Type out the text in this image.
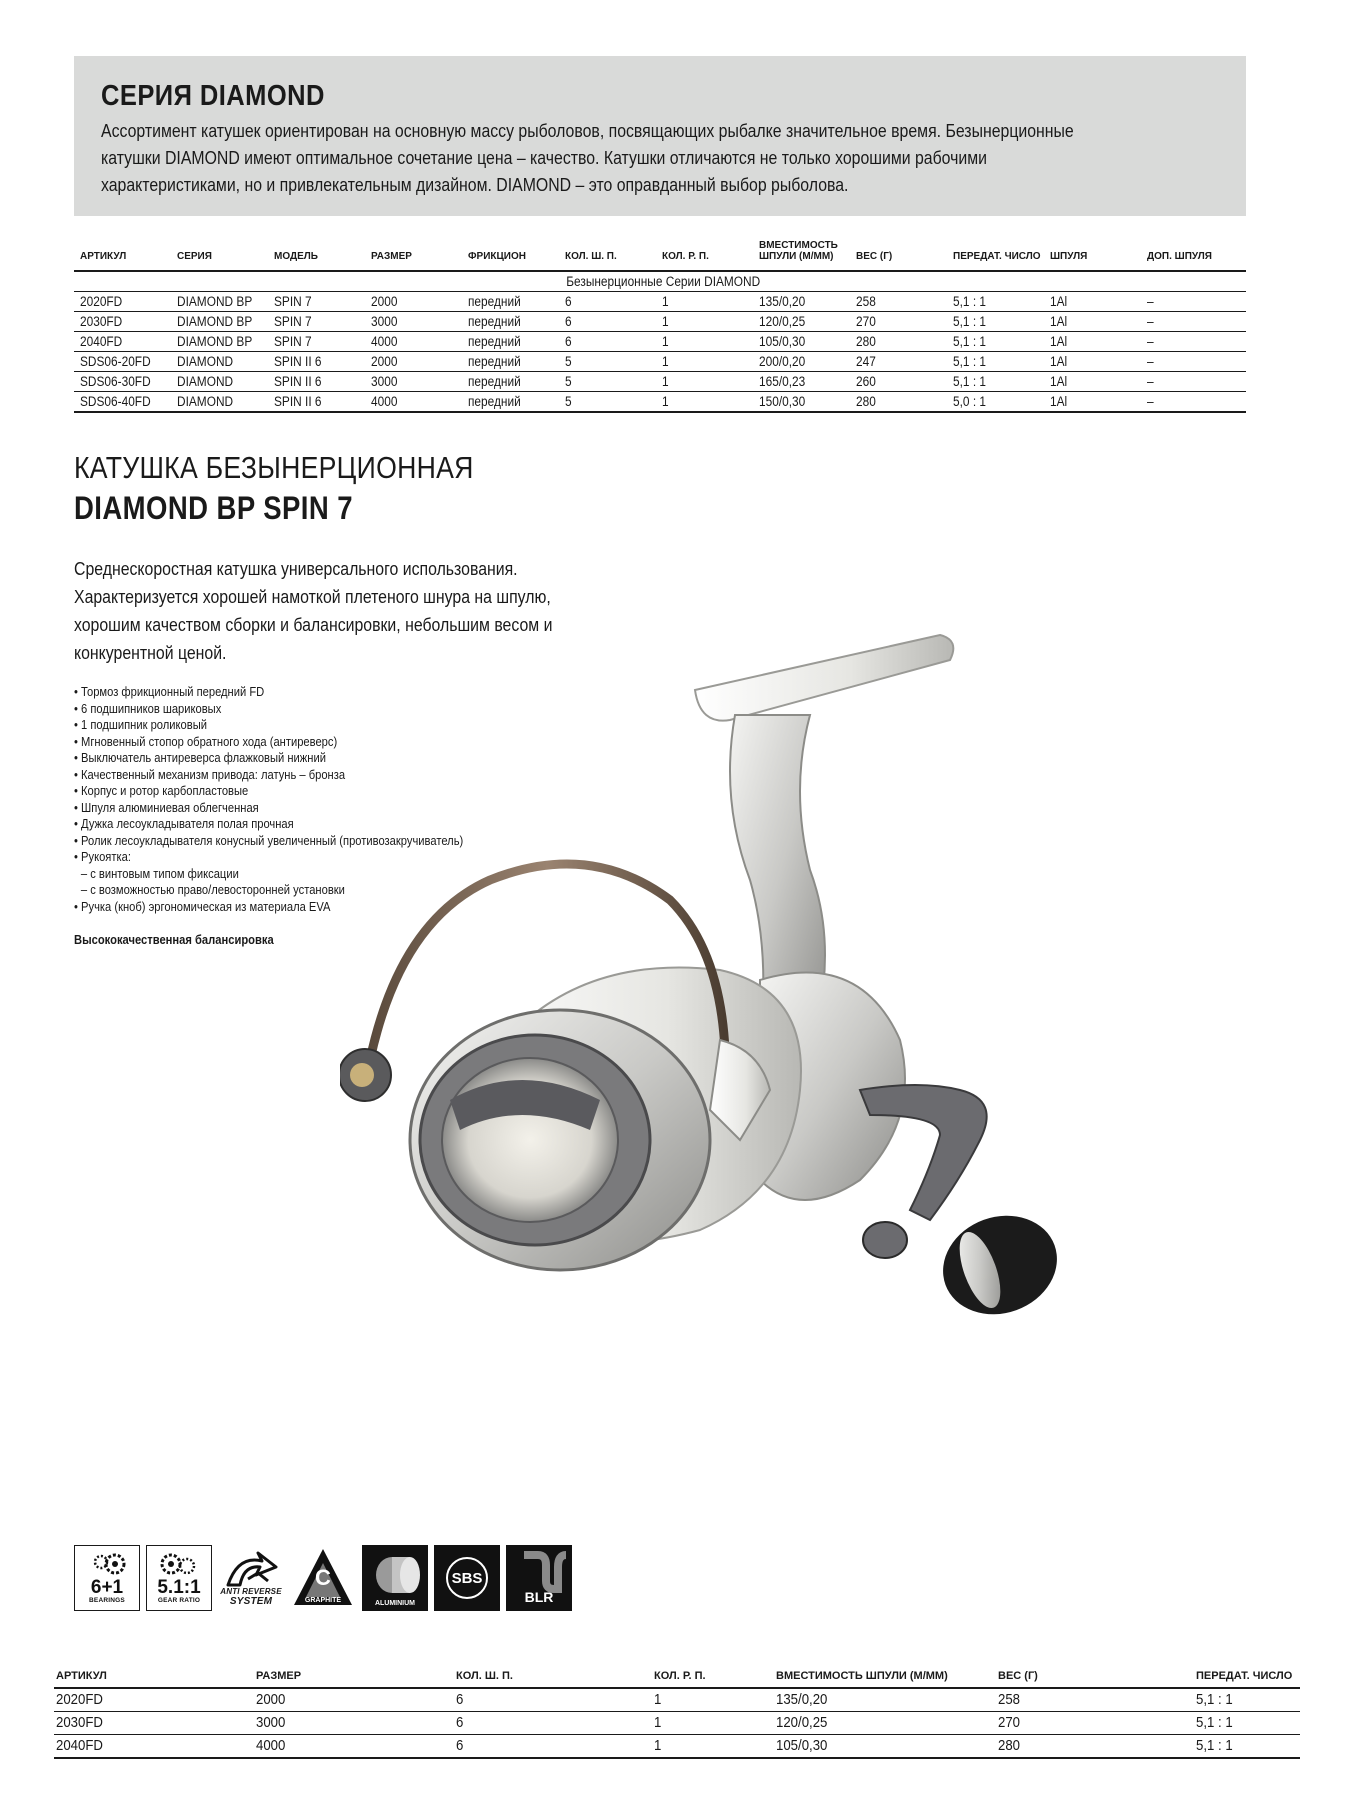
СЕРИЯ DIAMOND
Ассортимент катушек ориентирован на основную массу рыболовов, посвящающих рыбалке значительное время. Безынерционные катушки DIAMOND имеют оптимальное сочетание цена – качество. Катушки отличаются не только хорошими рабочими характеристиками, но и привлекательным дизайном. DIAMOND – это оправданный выбор рыболова.
АРТИКУЛ	СЕРИЯ	МОДЕЛЬ	РАЗМЕР	ФРИКЦИОН	КОЛ. Ш. П.	КОЛ. Р. П.	ВМЕСТИМОСТЬ ШПУЛИ (М/ММ)	ВЕС (Г)	ПЕРЕДАТ. ЧИСЛО	ШПУЛЯ	ДОП. ШПУЛЯ
Безынерционные Серии DIAMOND											
2020FD	DIAMOND BP	SPIN 7	2000	передний	6	1	135/0,20	258	5,1 : 1	1Al	–
2030FD	DIAMOND BP	SPIN 7	3000	передний	6	1	120/0,25	270	5,1 : 1	1Al	–
2040FD	DIAMOND BP	SPIN 7	4000	передний	6	1	105/0,30	280	5,1 : 1	1Al	–
SDS06-20FD	DIAMOND	SPIN II 6	2000	передний	5	1	200/0,20	247	5,1 : 1	1Al	–
SDS06-30FD	DIAMOND	SPIN II 6	3000	передний	5	1	165/0,23	260	5,1 : 1	1Al	–
SDS06-40FD	DIAMOND	SPIN II 6	4000	передний	5	1	150/0,30	280	5,0 : 1	1Al	–
КАТУШКА БЕЗЫНЕРЦИОННАЯ
DIAMOND BP SPIN 7
Среднескоростная катушка универсального использования. Характеризуется хорошей намоткой плетеного шнура на шпулю, хорошим качеством сборки и балансировки, небольшим весом и конкурентной ценой.
• Тормоз фрикционный передний FD
• 6 подшипников шариковых
• 1 подшипник роликовый
• Мгновенный стопор обратного хода (антиреверс)
• Выключатель антиреверса флажковый нижний
• Качественный механизм привода: латунь – бронза
• Корпус и ротор карбопластовые
• Шпуля алюминиевая облегченная
• Дужка лесоукладывателя полая прочная
• Ролик лесоукладывателя конусный увеличенный (противозакручиватель)
• Рукоятка:
– с винтовым типом фиксации
– с возможностью право/левосторонней установки
• Ручка (кноб) эргономическая из материала EVA
Высококачественная балансировка
6+1
BEARINGS
5.1:1
GEAR RATIO
ANTI REVERSE
SYSTEM
C
GRAPHITE	ALUMINIUM
SBS
BLR
АРТИКУЛ	РАЗМЕР	КОЛ. Ш. П.	КОЛ. Р. П.	ВМЕСТИМОСТЬ ШПУЛИ (М/ММ)	ВЕС (Г)	ПЕРЕДАТ. ЧИСЛО
2020FD	2000	6	1	135/0,20	258	5,1 : 1
2030FD	3000	6	1	120/0,25	270	5,1 : 1
2040FD	4000	6	1	105/0,30	280	5,1 : 1
